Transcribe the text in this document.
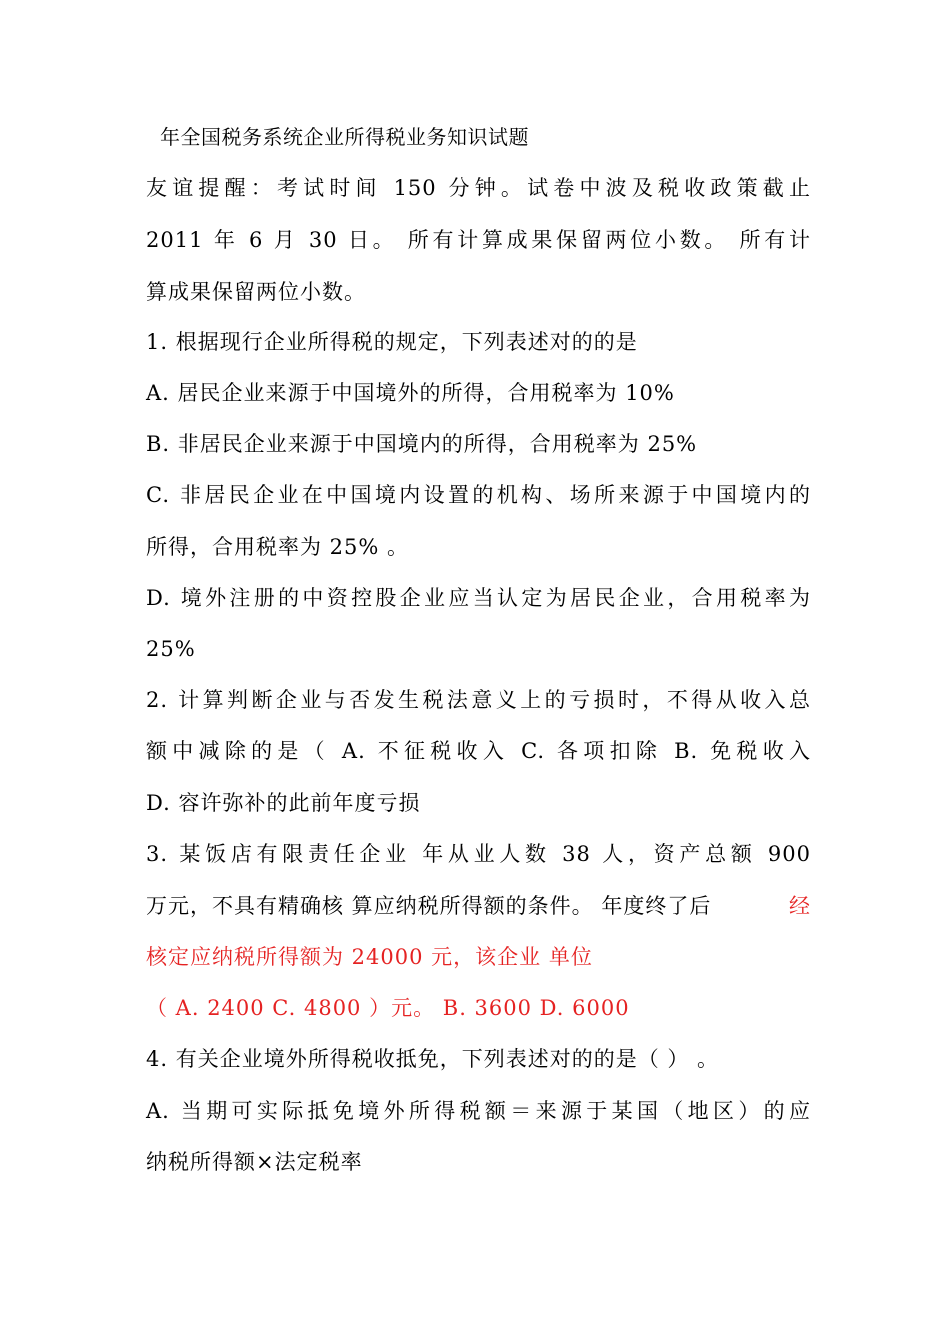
年全国税务系统企业所得税业务知识试题
友谊提醒：考试时间 150 分钟。试卷中波及税收政策截止
2011 年 6 月 30 日。 所有计算成果保留两位小数。 所有计
算成果保留两位小数。
1. 根据现行企业所得税的规定，下列表述对的的是
A. 居民企业来源于中国境外的所得，合用税率为 10%
B. 非居民企业来源于中国境内的所得，合用税率为 25%
C. 非居民企业在中国境内设置的机构、场所来源于中国境内的
所得，合用税率为 25% 。
D. 境外注册的中资控股企业应当认定为居民企业，合用税率为
25%
2. 计算判断企业与否发生税法意义上的亏损时，不得从收入总
额中减除的是（ A. 不征税收入 C. 各项扣除 B. 免税收入
D. 容许弥补的此前年度亏损
3. 某饭店有限责任企业 年从业人数 38 人，资产总额 900
万元，不具有精确核 算应纳税所得额的条件。 年度终了后	经
核定应纳税所得额为 24000 元，该企业 单位
（ A. 2400 C. 4800 ）元。 B. 3600 D. 6000
4. 有关企业境外所得税收抵免，下列表述对的的是（ ） 。
A. 当期可实际抵免境外所得税额＝来源于某国（地区）的应
纳税所得额×法定税率
